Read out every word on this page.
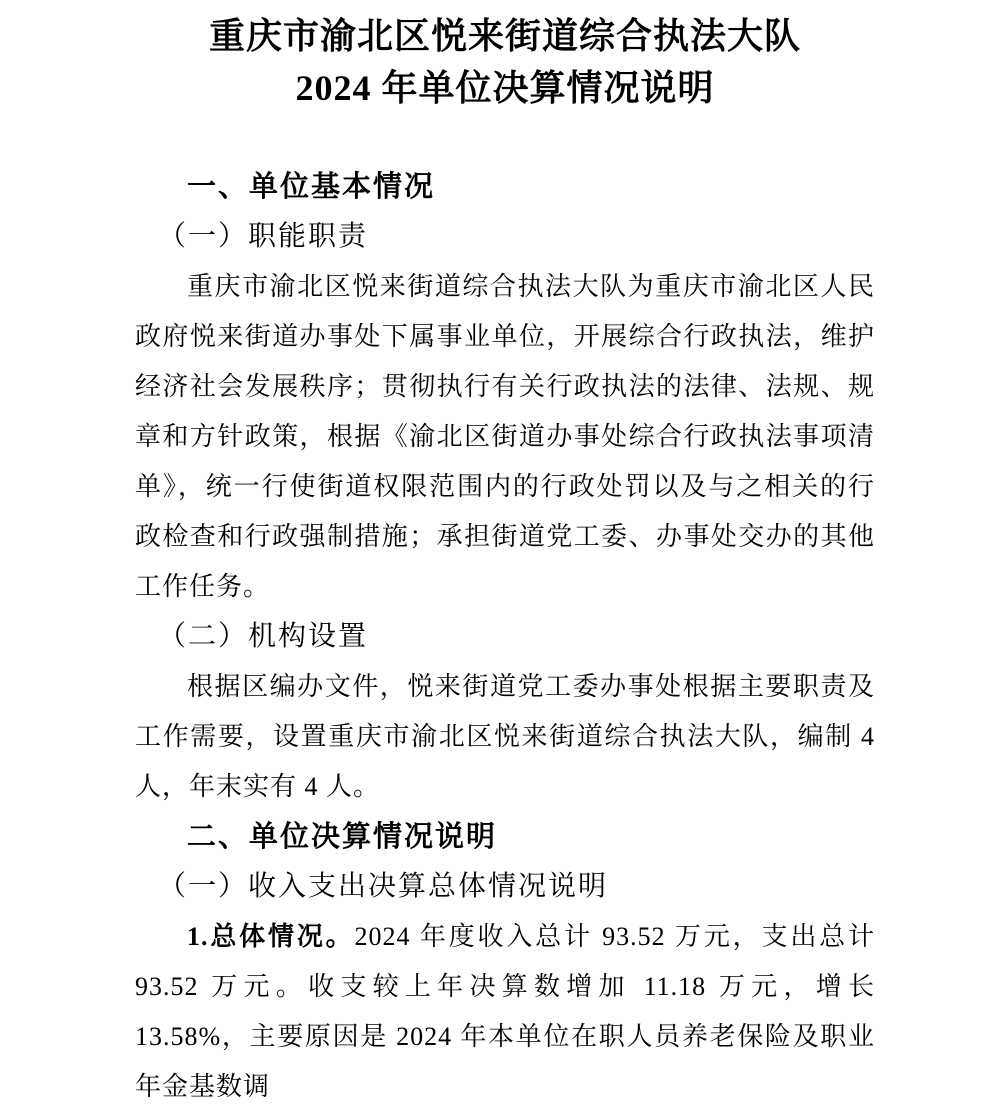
重庆市渝北区悦来街道综合执法大队
2024 年单位决算情况说明
一、单位基本情况
（一）职能职责

重庆市渝北区悦来街道综合执法大队为重庆市渝北区人民政府悦来街道办事处下属事业单位，开展综合行政执法，维护经济社会发展秩序；贯彻执行有关行政执法的法律、法规、规章和方针政策，根据《渝北区街道办事处综合行政执法事项清单》，统一行使街道权限范围内的行政处罚以及与之相关的行政检查和行政强制措施；承担街道党工委、办事处交办的其他工作任务。

（二）机构设置

根据区编办文件，悦来街道党工委办事处根据主要职责及工作需要，设置重庆市渝北区悦来街道综合执法大队，编制 4 人，年末实有 4 人。

二、单位决算情况说明
（一）收入支出决算总体情况说明

1.总体情况。2024 年度收入总计 93.52 万元，支出总计 93.52 万元。收支较上年决算数增加 11.18 万元，增长 13.58%，主要原因是 2024 年本单位在职人员养老保险及职业年金基数调
